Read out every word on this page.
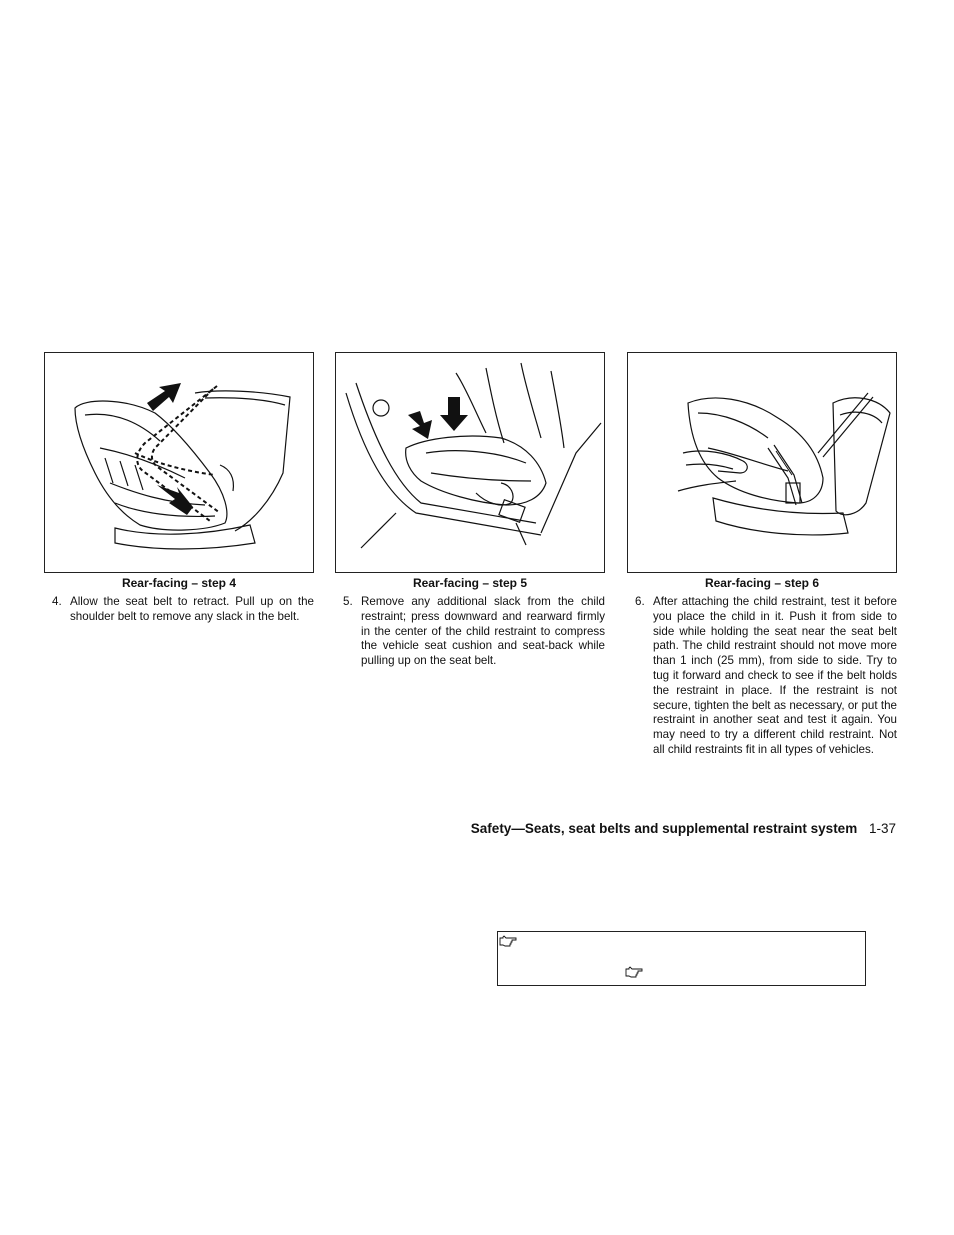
Rear-facing – step 4
4. Allow the seat belt to retract. Pull up on the shoulder belt to remove any slack in the belt.
Rear-facing – step 5
5. Remove any additional slack from the child restraint; press downward and rearward firmly in the center of the child restraint to compress the vehicle seat cushion and seat-back while pulling up on the seat belt.
Rear-facing – step 6
6. After attaching the child restraint, test it before you place the child in it. Push it from side to side while holding the seat near the seat belt path. The child restraint should not move more than 1 inch (25 mm), from side to side. Try to tug it forward and check to see if the belt holds the restraint in place. If the restraint is not secure, tighten the belt as necessary, or put the restraint in another seat and test it again. You may need to try a different child restraint. Not all child restraints fit in all types of vehicles.
Safety—Seats, seat belts and supplemental restraint system 1-37
